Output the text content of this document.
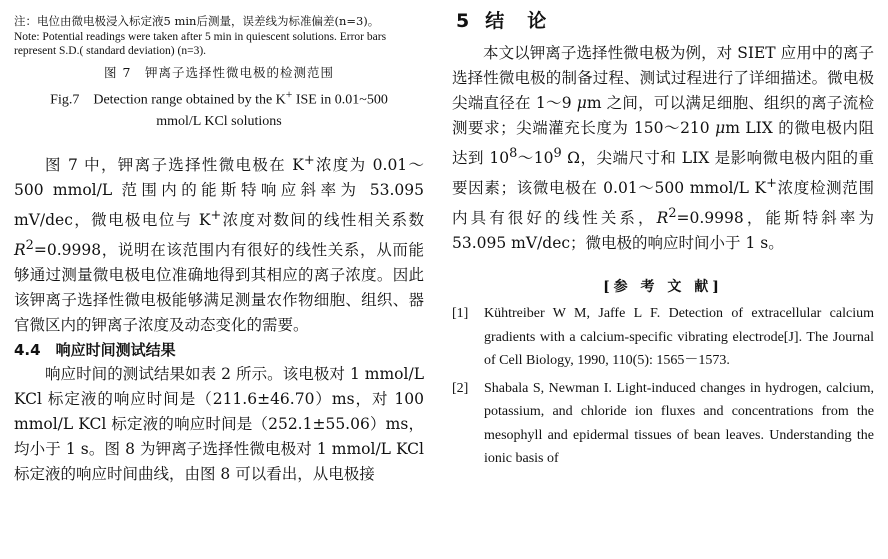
注：电位由微电极浸入标定液5 min后测量，误差线为标准偏差(n=3)。
Note: Potential readings were taken after 5 min in quiescent solutions. Error bars represent S.D.( standard deviation) (n=3).
图 7　钾离子选择性微电极的检测范围
Fig.7　Detection range obtained by the K+ ISE in 0.01~500
mmol/L KCl solutions

图 7 中，钾离子选择性微电极在 K+浓度为 0.01～500 mmol/L 范围内的能斯特响应斜率为 53.095 mV/dec，微电极电位与 K+浓度对数间的线性相关系数 $R^2=0.9998$，说明在该范围内有很好的线性关系，从而能够通过测量微电极电位准确地得到其相应的离子浓度。因此该钾离子选择性微电极能够满足测量农作物细胞、组织、器官微区内的钾离子浓度及动态变化的需要。

4.4　响应时间测试结果

响应时间的测试结果如表 2 所示。该电极对 1 mmol/L KCl 标定液的响应时间是（211.6±46.70）ms，对 100 mmol/L KCl 标定液的响应时间是（252.1±55.06）ms，均小于 1 s。图 8 为钾离子选择性微电极对 1 mmol/L KCl 标定液的响应时间曲线，由图 8 可以看出，从电极接

5 结　论

本文以钾离子选择性微电极为例，对 SIET 应用中的离子选择性微电极的制备过程、测试过程进行了详细描述。微电极尖端直径在 1～9 μm 之间，可以满足细胞、组织的离子流检测要求；尖端灌充长度为 150～210 μm LIX 的微电极内阻达到 $10^8\sim 10^9$ Ω，尖端尺寸和 LIX 是影响微电极内阻的重要因素；该微电极在 0.01～500 mmol/L K+浓度检测范围内具有很好的线性关系，$R^2=0.9998$，能斯特斜率为 53.095 mV/dec；微电极的响应时间小于 1 s。

[参 考 文 献]
[1]	Kühtreiber W M, Jaffe L F. Detection of extracellular calcium gradients with a calcium-specific vibrating electrode[J]. The Journal of Cell Biology, 1990, 110(5): 1565－1573.
[2]	Shabala S, Newman I. Light-induced changes in hydrogen, calcium, potassium, and chloride ion fluxes and concentrations from the mesophyll and epidermal tissues of bean leaves. Understanding the ionic basis of
